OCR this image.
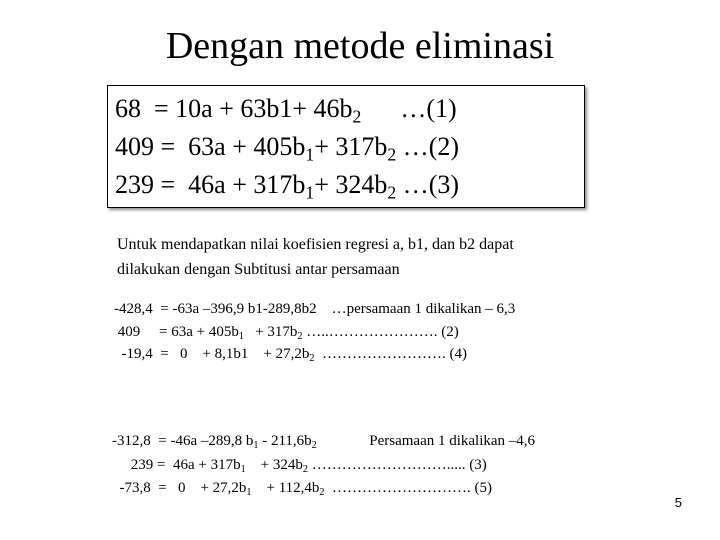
Dengan metode eliminasi
$68 = 10a + 63b1+ 46b_2$      …(1)
$409 = 63a + 405b_1+ 317b_2$ …(2)
$239 = 46a + 317b_1+ 324b_2$ …(3)
Untuk mendapatkan nilai koefisien regresi a, b1, dan b2 dapat
dilakukan dengan Subtitusi antar persamaan
-428,4  = -63a –396,9 b1-289,8b2    …persamaan 1 dikalikan – 6,3
409     = $63a + 405b_1 + 317b_2$ …..…………………. (2)
-19,4  =   0    + 8,1b1    + $27,2b_2$  ……………………. (4)
-312,8  = -46a –289,8 $b_1 - 211,6b_2$              Persamaan 1 dikalikan –4,6
$239 = 46a + 317b_1$    + $324b_2$ ………………………..... (3)
-73,8  =   0    + $27,2b_1$    + $112,4b_2$  ………………………. (5)
5
